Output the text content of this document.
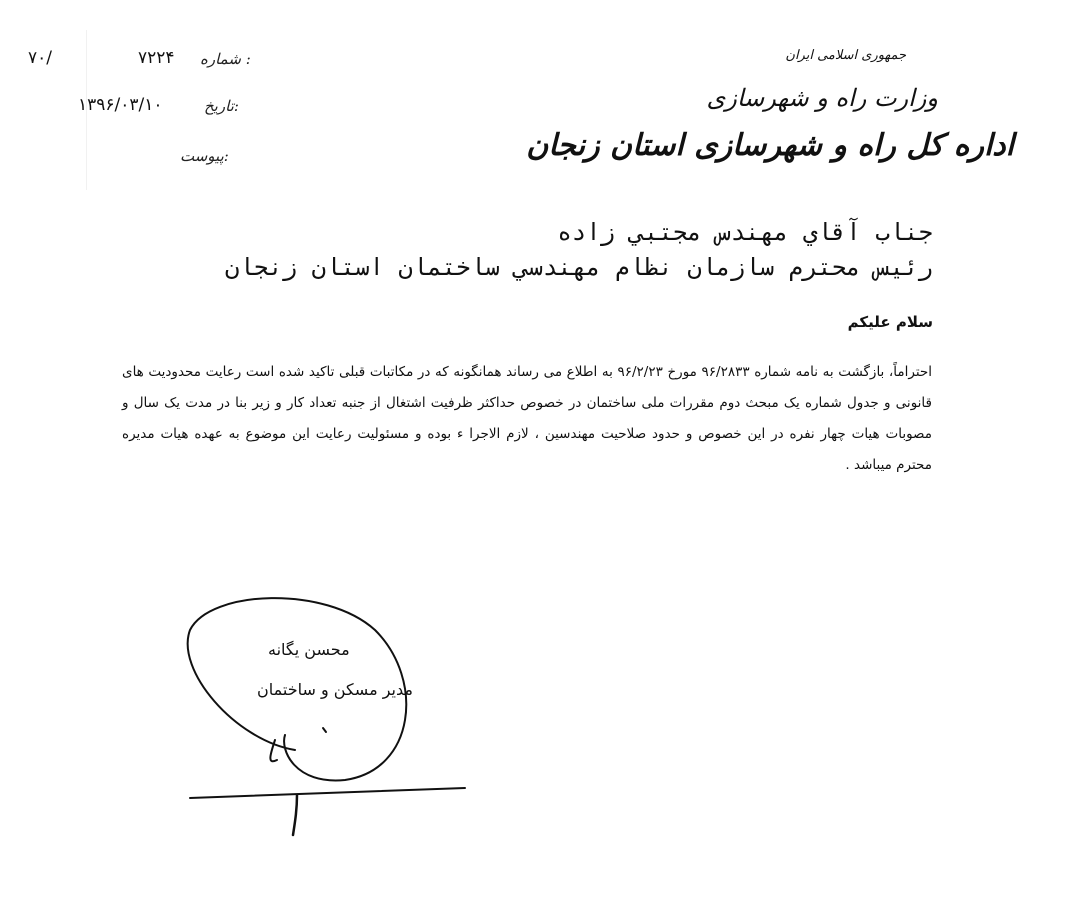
۷۰/	۷۲۲۴ شماره :
۱۳۹۶/۰۳/۱۰	تاریخ:
پیوست:
جمهوری اسلامی ایران
وزارت راه و شهرسازی
اداره کل راه و شهرسازی استان زنجان
جناب آقاي مهندس مجتبي زاده
رئيس محترم سازمان نظام مهندسي ساختمان استان زنجان
سلام علیکم

احتراماً، بازگشت به نامه شماره ۹۶/۲۸۳۳ مورخ ۹۶/۲/۲۳ به اطلاع می رساند همانگونه که در مکاتبات قبلی تاکید شده است رعایت محدودیت های قانونی و جدول شماره یک مبحث دوم مقررات ملی ساختمان در خصوص حداکثر ظرفیت اشتغال از جنبه تعداد کار و زیر بنا در مدت یک سال و مصوبات هیات چهار نفره در این خصوص و حدود صلاحیت مهندسین ، لازم الاجرا ء بوده و مسئولیت رعایت این موضوع به عهده هیات مدیره محترم میباشد .

محسن یگانه
مدیر مسکن و ساختمان
